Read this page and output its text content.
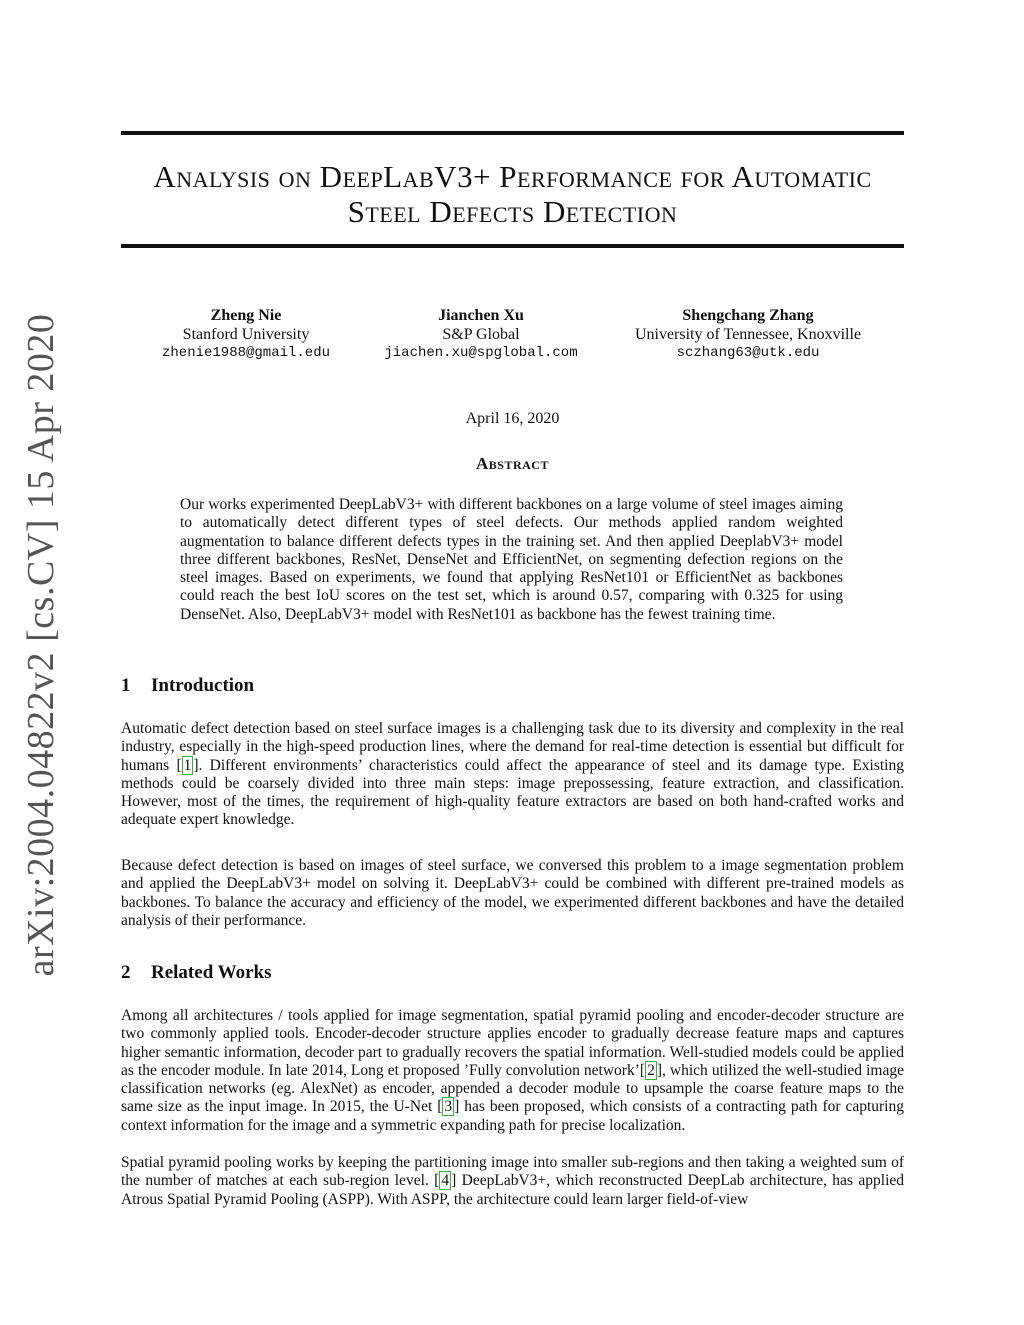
Analysis on DeepLabV3+ Performance for Automatic
Steel Defects Detection
Zheng Nie
Stanford University
zhenie1988@gmail.edu
Jianchen Xu
S&P Global
jiachen.xu@spglobal.com
Shengchang Zhang
University of Tennessee, Knoxville
sczhang63@utk.edu
April 16, 2020
Abstract
Our works experimented DeepLabV3+ with different backbones on a large volume of steel images aiming to automatically detect different types of steel defects. Our methods applied random weighted augmentation to balance different defects types in the training set. And then applied DeeplabV3+ model three different backbones, ResNet, DenseNet and EfficientNet, on segmenting defection regions on the steel images. Based on experiments, we found that applying ResNet101 or EfficientNet as backbones could reach the best IoU scores on the test set, which is around 0.57, comparing with 0.325 for using DenseNet. Also, DeepLabV3+ model with ResNet101 as backbone has the fewest training time.
1 Introduction
Automatic defect detection based on steel surface images is a challenging task due to its diversity and complexity in the real industry, especially in the high-speed production lines, where the demand for real-time detection is essential but difficult for humans [ 1 ]. Different environments’ characteristics could affect the appearance of steel and its damage type. Existing methods could be coarsely divided into three main steps: image prepossessing, feature extraction, and classification. However, most of the times, the requirement of high-quality feature extractors are based on both hand-crafted works and adequate expert knowledge.
Because defect detection is based on images of steel surface, we conversed this problem to a image segmentation problem and applied the DeepLabV3+ model on solving it. DeepLabV3+ could be combined with different pre-trained models as backbones. To balance the accuracy and efficiency of the model, we experimented different backbones and have the detailed analysis of their performance.
2 Related Works
Among all architectures / tools applied for image segmentation, spatial pyramid pooling and encoder-decoder structure are two commonly applied tools. Encoder-decoder structure applies encoder to gradually decrease feature maps and captures higher semantic information, decoder part to gradually recovers the spatial information. Well-studied models could be applied as the encoder module. In late 2014, Long et proposed ’Fully convolution network’[ 2 ], which utilized the well-studied image classification networks (eg. AlexNet) as encoder, appended a decoder module to upsample the coarse feature maps to the same size as the input image. In 2015, the U-Net [ 3 ] has been proposed, which consists of a contracting path for capturing context information for the image and a symmetric expanding path for precise localization.
Spatial pyramid pooling works by keeping the partitioning image into smaller sub-regions and then taking a weighted sum of the number of matches at each sub-region level. [ 4 ] DeepLabV3+, which reconstructed DeepLab architecture, has applied Atrous Spatial Pyramid Pooling (ASPP). With ASPP, the architecture could learn larger field-of-view
arXiv:2004.04822v2 [cs.CV] 15 Apr 2020
